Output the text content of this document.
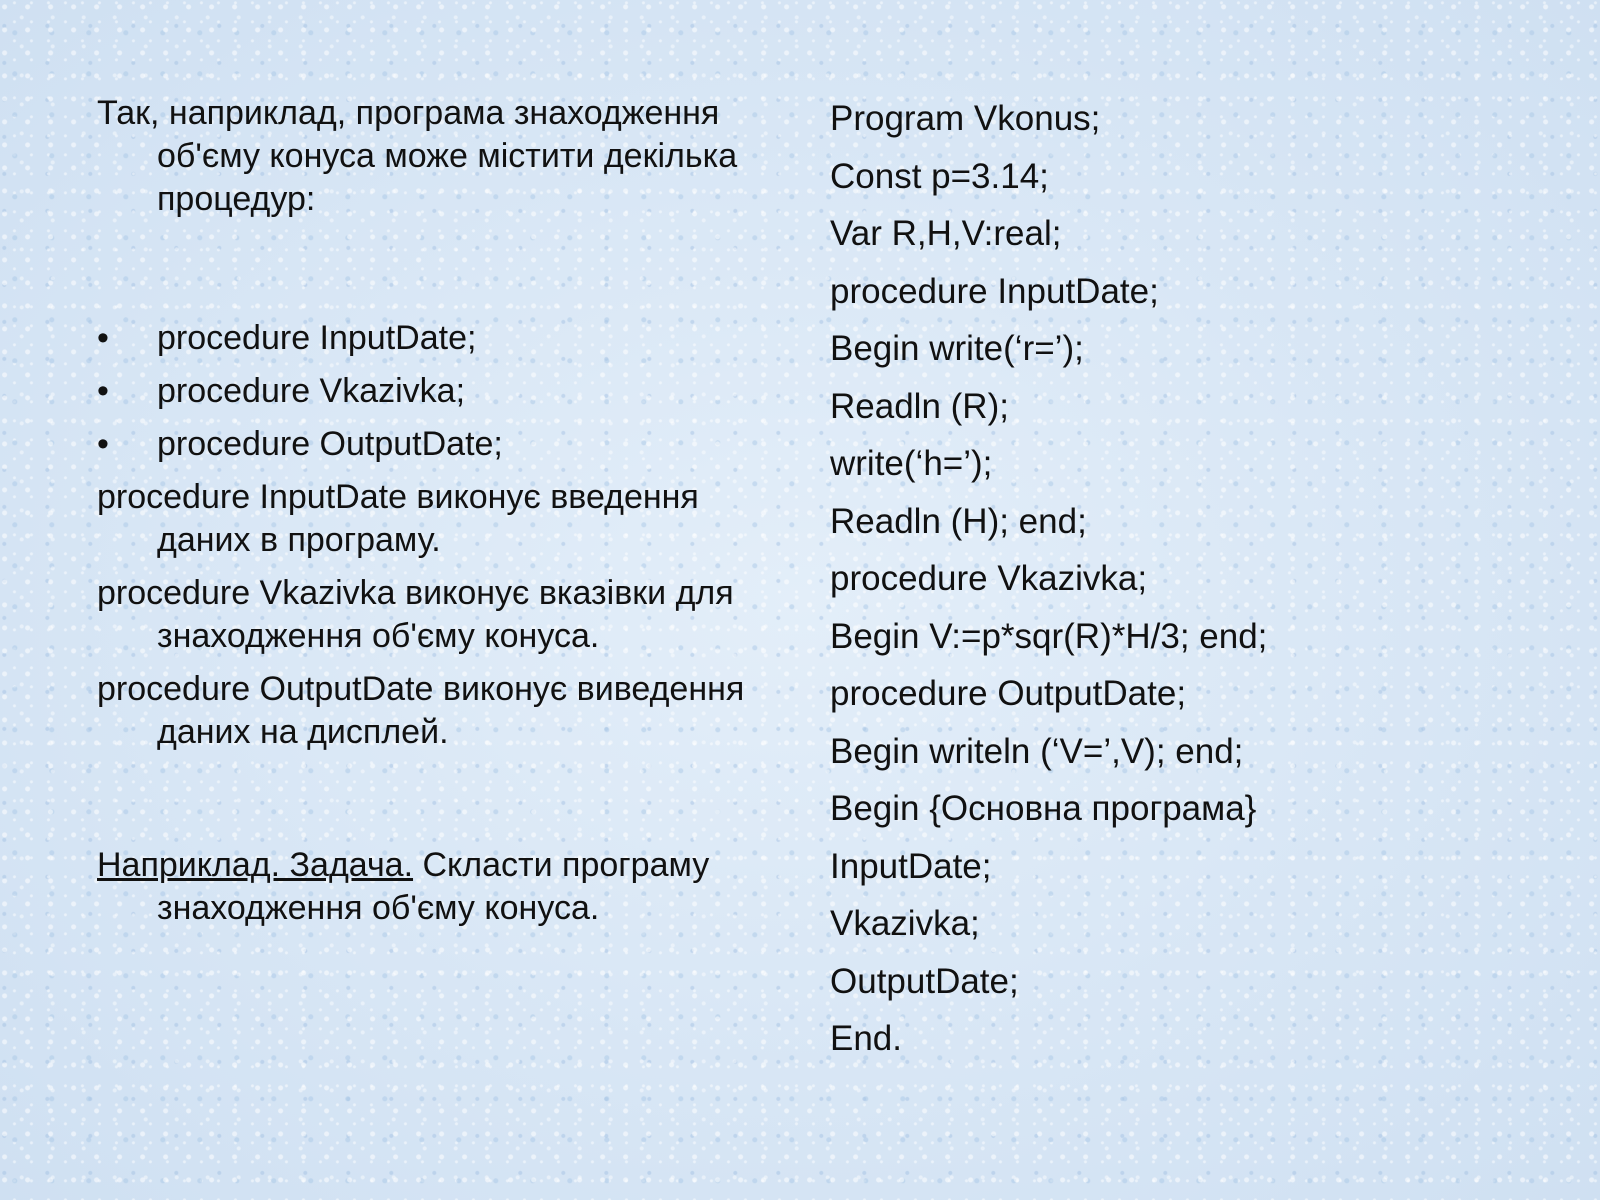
Так, наприклад, програма знаходження об'єму конуса може містити декілька процедур:

• procedure InputDate;
• procedure Vkazivka;
• procedure OutputDate;

procedure InputDate виконує введення даних в програму.

procedure Vkazivka виконує вказівки для знаходження об'єму конуса.

procedure OutputDate виконує виведення даних на дисплей.

Наприклад. Задача. Скласти програму знаходження об'єму конуса.

Program Vkonus;
Const p=3.14;
Var R,H,V:real;
procedure InputDate;
Begin write(‘r=’);
Readln (R);
write(‘h=’);
Readln (H); end;
procedure Vkazivka;
Begin V:=p*sqr(R)*H/3; end;
procedure OutputDate;
Begin writeln (‘V=’,V); end;
Begin {Основна програма}
InputDate;
Vkazivka;
OutputDate;
End.
